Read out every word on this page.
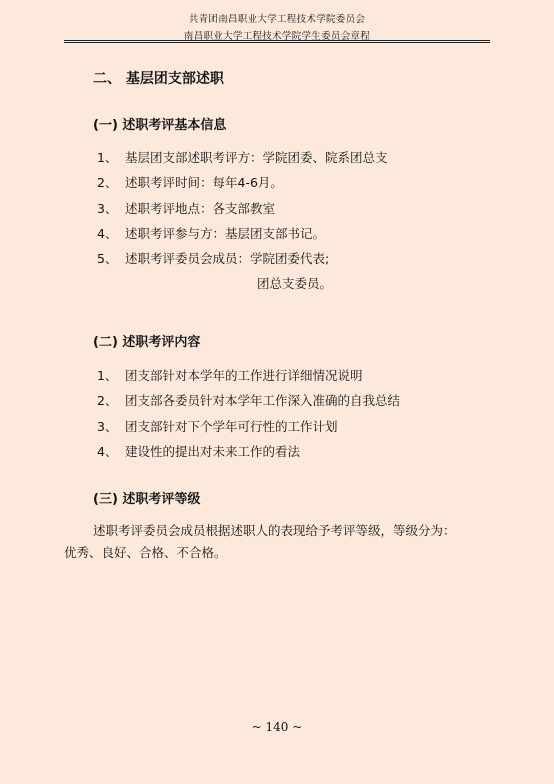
共青团南昌职业大学工程技术学院委员会
南昌职业大学工程技术学院学生委员会章程
二、 基层团支部述职
(一) 述职考评基本信息
1、 基层团支部述职考评方：学院团委、院系团总支
2、 述职考评时间：每年4-6月。
3、 述职考评地点：各支部教室
4、 述职考评参与方：基层团支部书记。
5、 述职考评委员会成员：学院团委代表;
团总支委员。
(二) 述职考评内容
1、 团支部针对本学年的工作进行详细情况说明
2、 团支部各委员针对本学年工作深入准确的自我总结
3、 团支部针对下个学年可行性的工作计划
4、 建设性的提出对未来工作的看法
(三) 述职考评等级
述职考评委员会成员根据述职人的表现给予考评等级，等级分为：
优秀、良好、合格、不合格。
~ 140 ~
